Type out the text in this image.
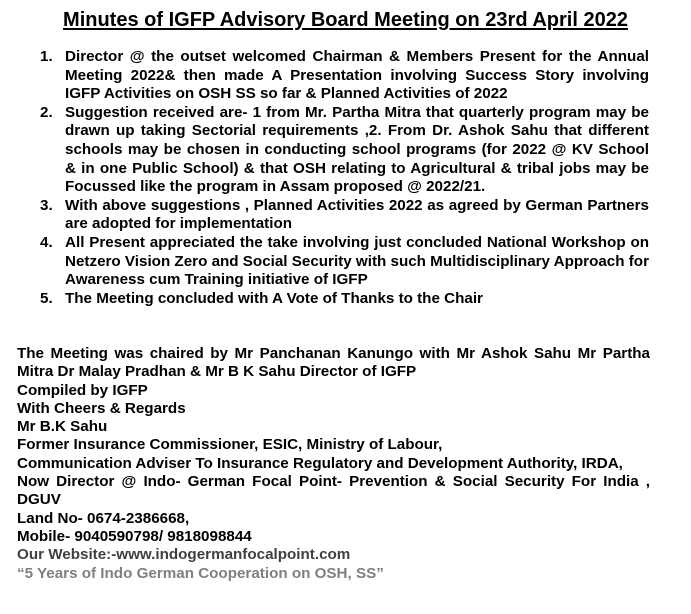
Minutes of IGFP Advisory Board Meeting on 23rd April 2022
1. Director @ the outset welcomed Chairman & Members Present for the Annual Meeting 2022& then made A Presentation involving Success Story involving IGFP Activities on OSH SS so far & Planned Activities of 2022
2. Suggestion received are- 1 from Mr. Partha Mitra that quarterly program may be drawn up taking Sectorial requirements ,2. From Dr. Ashok Sahu that different schools may be chosen in conducting school programs (for 2022 @ KV School & in one Public School) & that OSH relating to Agricultural & tribal jobs may be Focussed like the program in Assam proposed @ 2022/21.
3. With above suggestions , Planned Activities 2022 as agreed by German Partners are adopted for implementation
4. All Present appreciated the take involving just concluded National Workshop on Netzero Vision Zero and Social Security with such Multidisciplinary Approach for Awareness cum Training initiative of IGFP
5. The Meeting concluded with A Vote of Thanks to the Chair
The Meeting was chaired by Mr Panchanan Kanungo with Mr Ashok Sahu Mr Partha Mitra Dr Malay Pradhan & Mr B K Sahu Director of IGFP
Compiled by IGFP
With Cheers & Regards
Mr B.K Sahu
Former Insurance Commissioner, ESIC, Ministry of Labour,
Communication Adviser To Insurance Regulatory and Development Authority, IRDA,
Now Director @ Indo- German Focal Point- Prevention & Social Security For India , DGUV
Land No- 0674-2386668,
Mobile- 9040590798/ 9818098844
Our Website:-www.indogermanfocalpoint.com
“5 Years of Indo German Cooperation on OSH, SS”
